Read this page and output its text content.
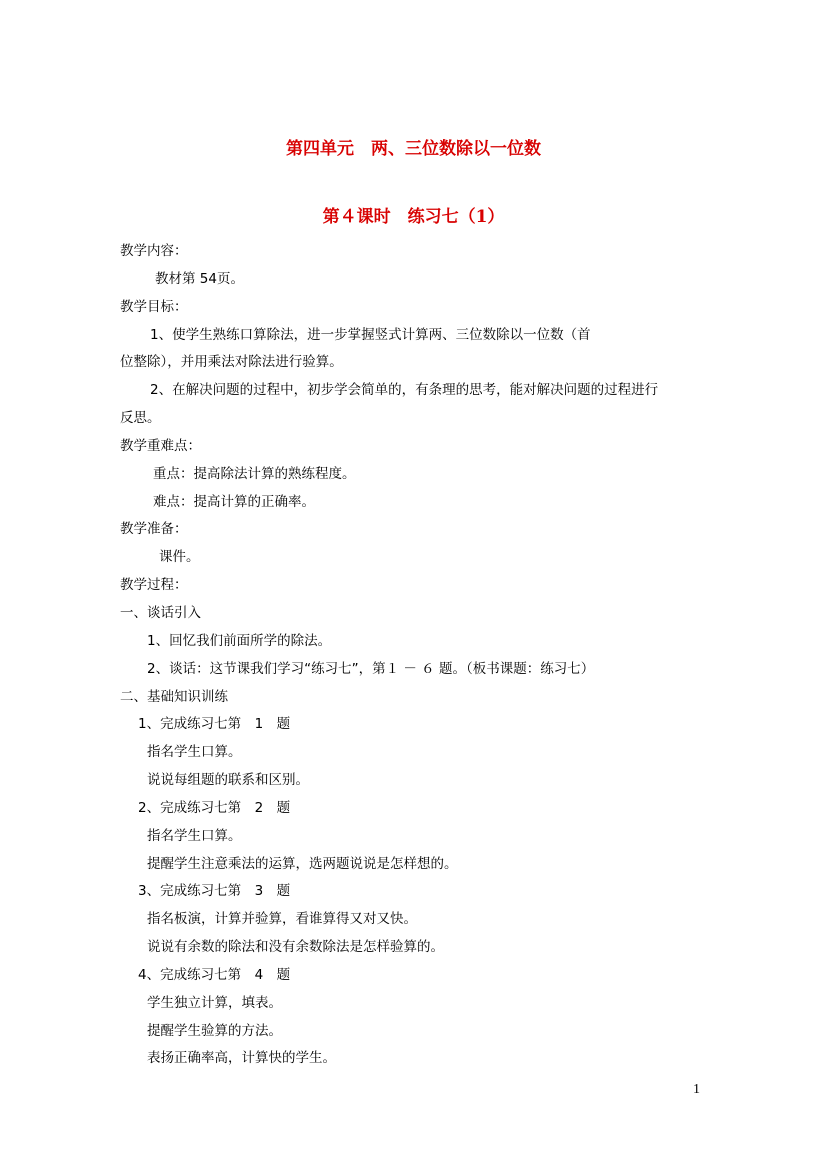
第四单元　两、三位数除以一位数
第４课时　练习七（1）
教学内容：
教材第 54页。
教学目标：
1、使学生熟练口算除法，进一步掌握竖式计算两、三位数除以一位数（首
位整除），并用乘法对除法进行验算。
2、在解决问题的过程中，初步学会简单的，有条理的思考，能对解决问题的过程进行
反思。
教学重难点：
重点：提高除法计算的熟练程度。
难点：提高计算的正确率。
教学准备：
课件。
教学过程：
一、谈话引入
1、回忆我们前面所学的除法。
2、谈话：这节课我们学习“练习七”，第１ － ６ 题。（板书课题：练习七）
二、基础知识训练
1、完成练习七第　1　题
指名学生口算。
说说每组题的联系和区别。
2、完成练习七第　2　题
指名学生口算。
提醒学生注意乘法的运算，选两题说说是怎样想的。
3、完成练习七第　3　题
指名板演，计算并验算，看谁算得又对又快。
说说有余数的除法和没有余数除法是怎样验算的。
4、完成练习七第　4　题
学生独立计算，填表。
提醒学生验算的方法。
表扬正确率高，计算快的学生。
1
